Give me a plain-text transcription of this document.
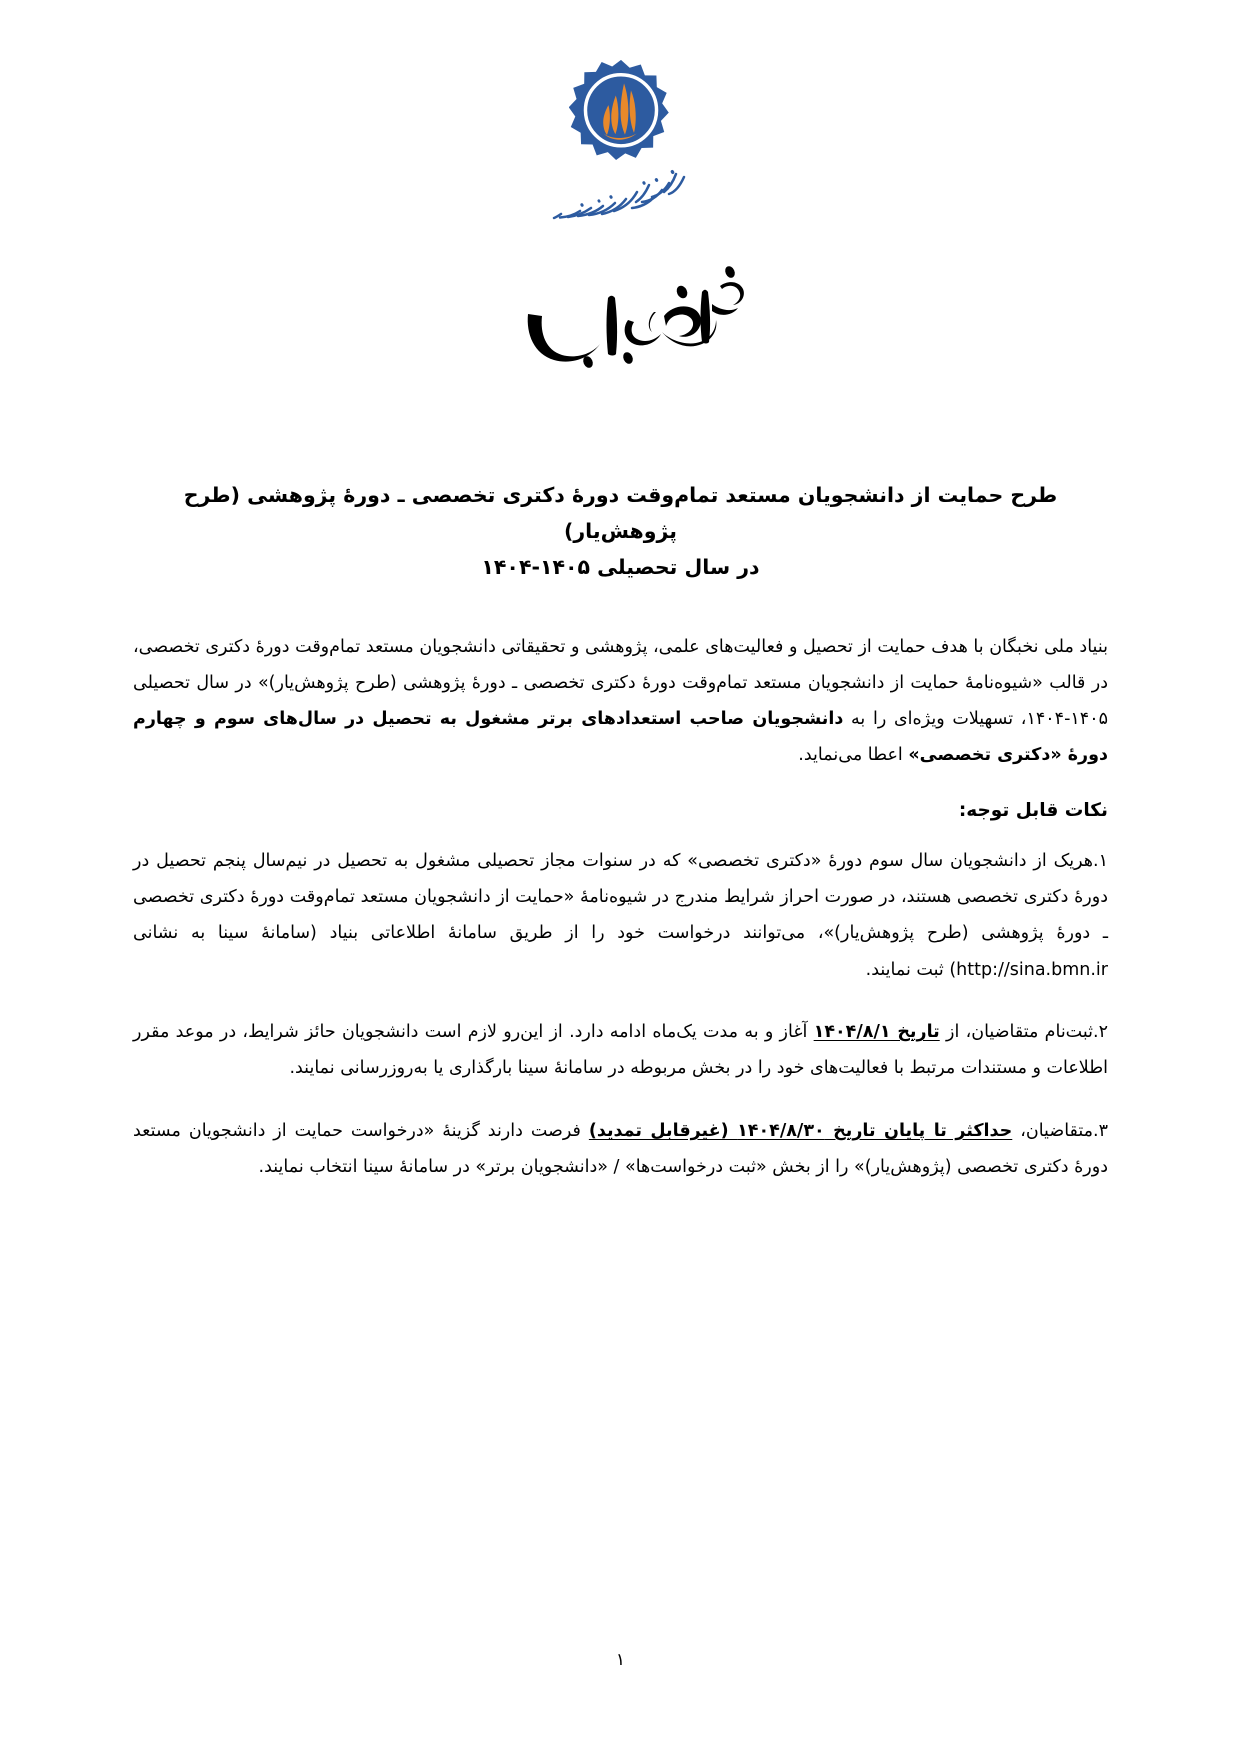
طرح حمایت از دانشجویان مستعد تمام‌وقت دورهٔ دکتری تخصصی ـ دورهٔ پژوهشی (طرح پژوهش‌یار)
در سال تحصیلی ۱۴۰۵-۱۴۰۴

بنیاد ملی نخبگان با هدف حمایت از تحصیل و فعالیت‌های علمی، پژوهشی و تحقیقاتی دانشجویان مستعد تمام‌وقت دورهٔ دکتری تخصصی، در قالب «شیوه‌نامهٔ حمایت از دانشجویان مستعد تمام‌وقت دورهٔ دکتری تخصصی ـ دورهٔ پژوهشی (طرح پژوهش‌یار)» در سال تحصیلی ۱۴۰۵-۱۴۰۴، تسهیلات ویژه‌ای را به دانشجویان صاحب استعدادهای برتر مشغول به تحصیل در سال‌های سوم و چهارم دورهٔ «دکتری تخصصی» اعطا می‌نماید.

نکات قابل توجه:
۱.هر‌یک از دانشجویان سال سوم دورهٔ «دکتری تخصصی» که در سنوات مجاز تحصیلی مشغول به تحصیل در نیم‌سال پنجم تحصیل در دورهٔ دکتری تخصصی هستند، در صورت احراز شرایط مندرج در شیوه‌نامهٔ «حمایت از دانشجویان مستعد تمام‌وقت دورهٔ دکتری تخصصی ـ دورهٔ پژوهشی (طرح پژوهش‌یار)»، می‌توانند درخواست خود را از طریق سامانهٔ اطلاعاتی بنیاد (سامانهٔ سینا به نشانی http://sina.bmn.ir) ثبت نمایند.
۲.ثبت‌نام متقاضیان، از تاریخ ۱۴۰۴/۸/۱ آغاز و به مدت یک‌ماه ادامه دارد. از این‌رو لازم است دانشجویان حائز شرایط، در موعد مقرر اطلاعات و مستندات مرتبط با فعالیت‌های خود را در بخش مربوطه در سامانهٔ سینا بارگذاری یا به‌روزرسانی نمایند.
۳.متقاضیان، حداکثر تا پایان تاریخ ۱۴۰۴/۸/۳۰ (غیرقابل تمدید) فرصت دارند گزینهٔ «درخواست حمایت از دانشجویان مستعد دورهٔ دکتری تخصصی (پژوهش‌یار)» را از بخش «ثبت درخواست‌ها» / «دانشجویان برتر» در سامانهٔ سینا انتخاب نمایند.
۱
